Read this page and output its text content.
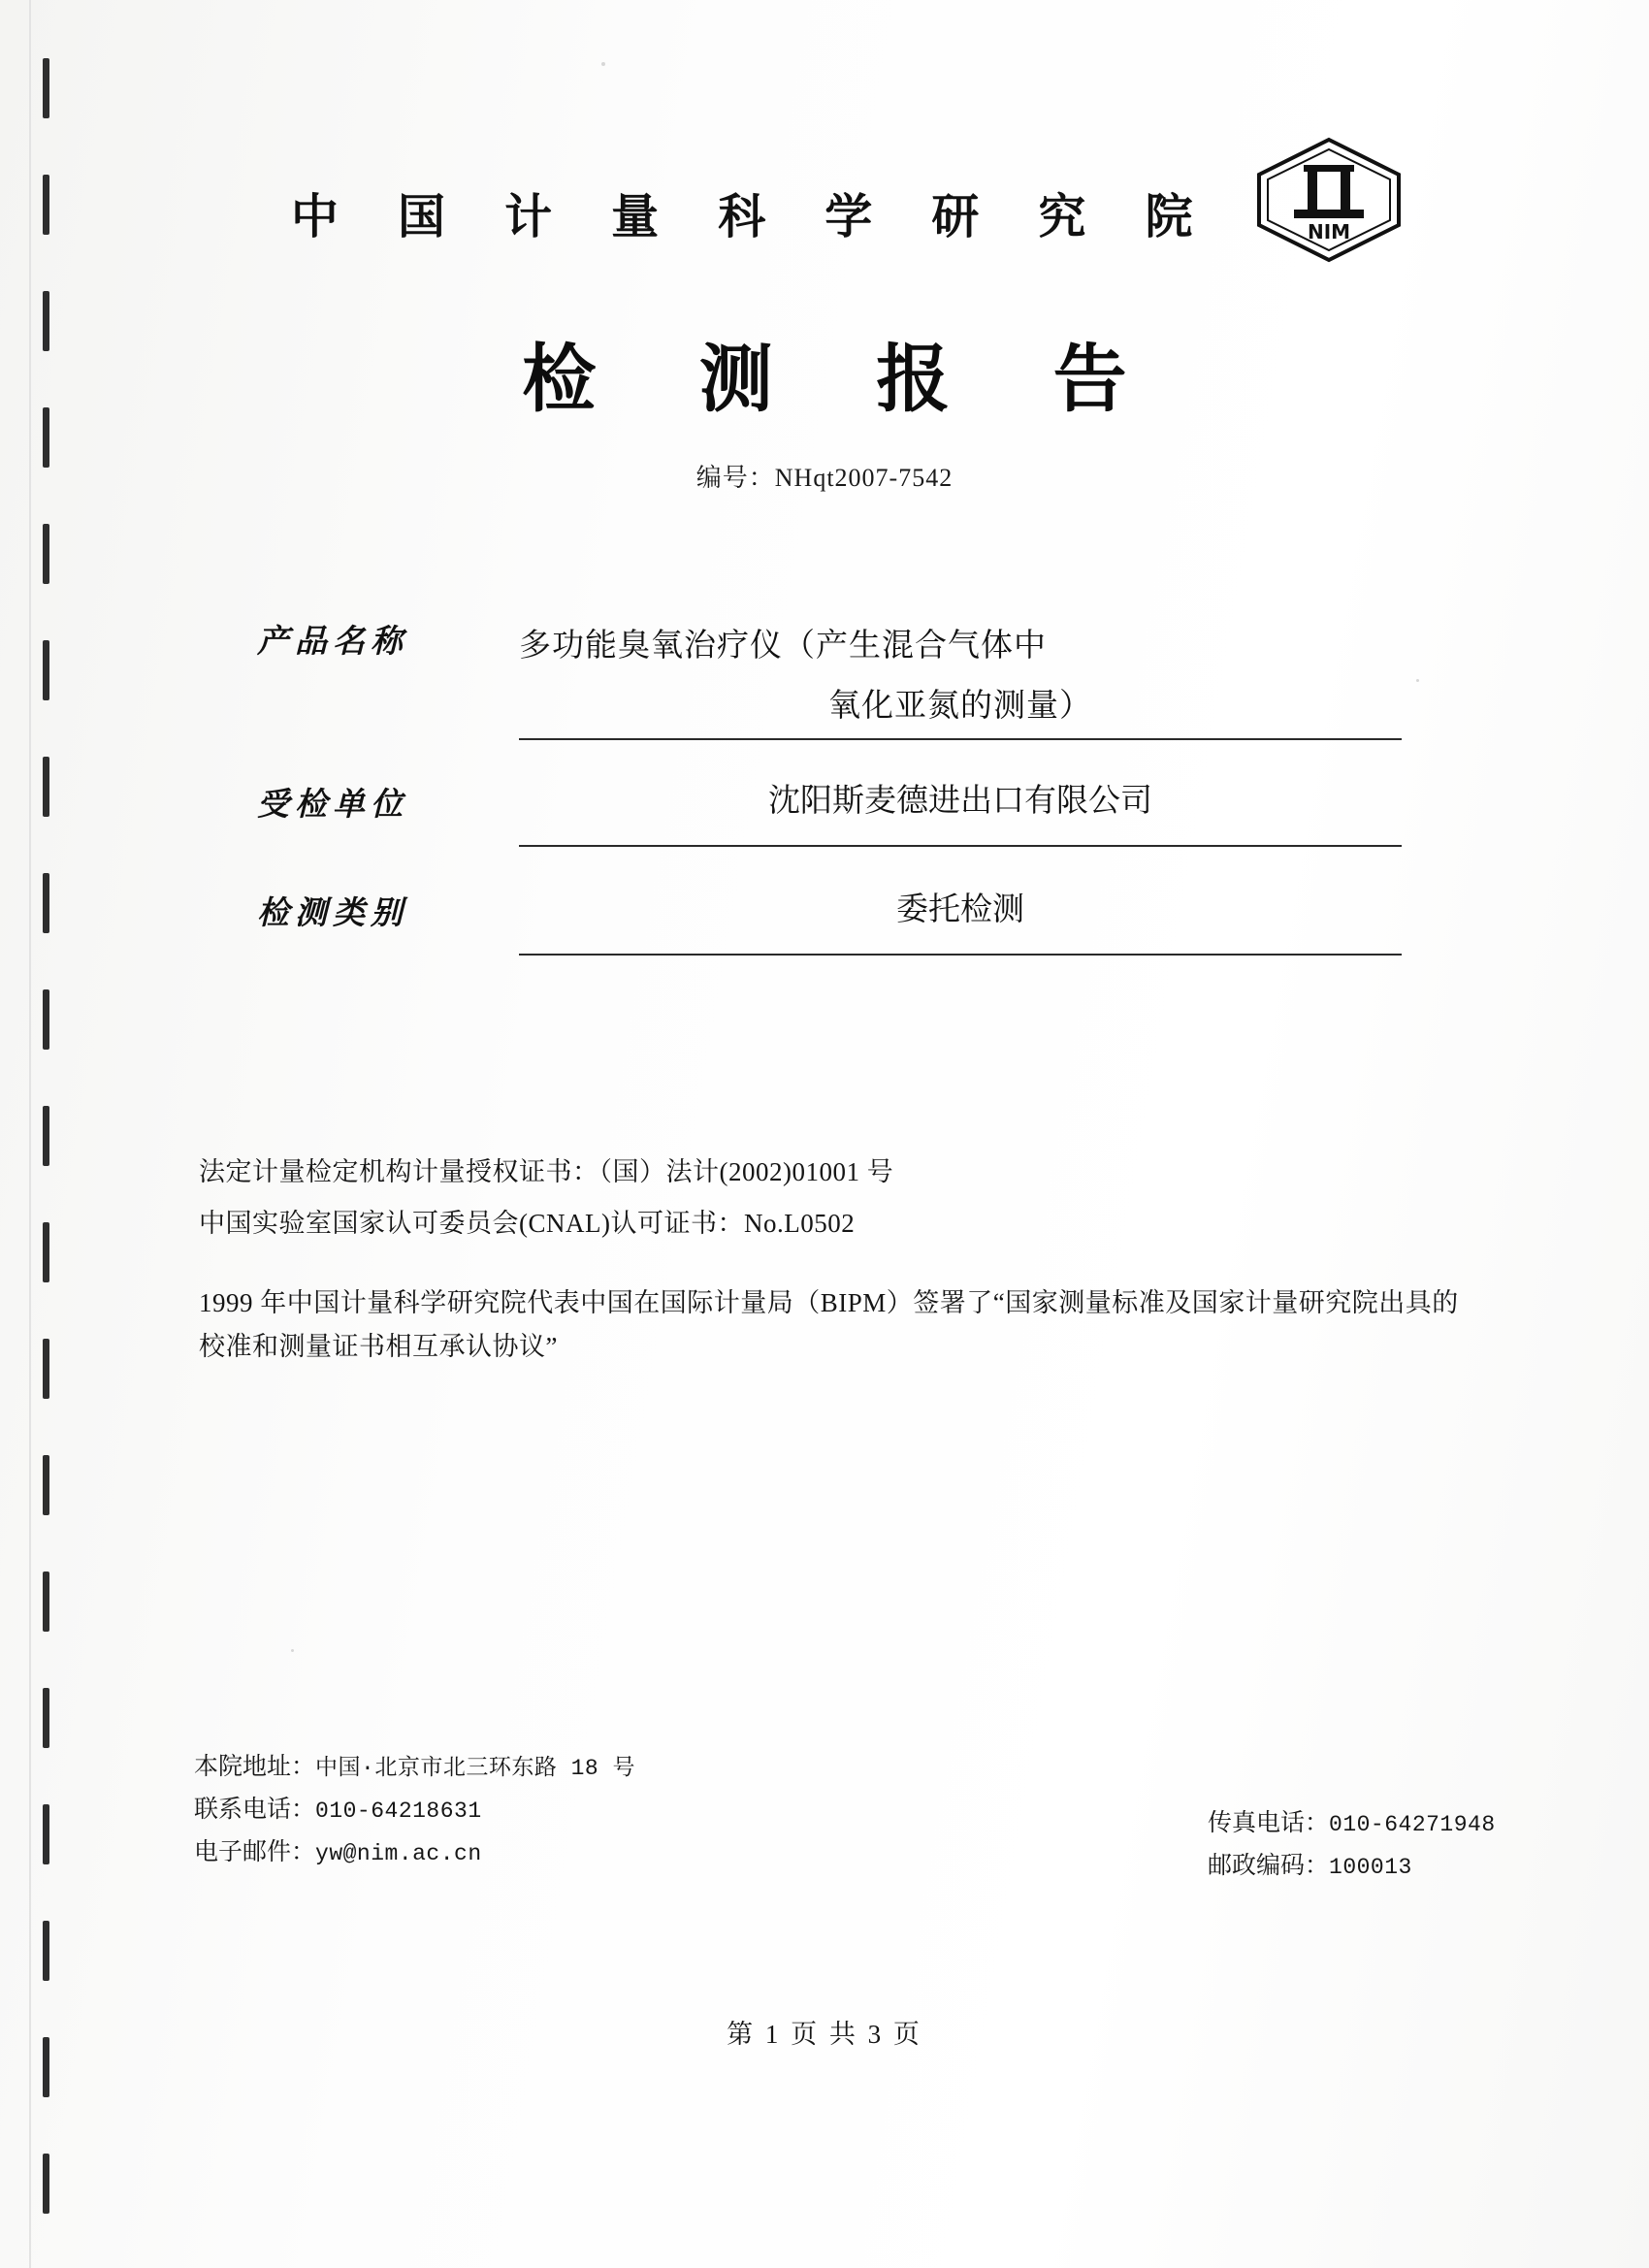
中 国 计 量 科 学 研 究 院	NIM
检 测 报 告
编号：NHqt2007-7542
产品名称	多功能臭氧治疗仪（产生混合气体中
氧化亚氮的测量）
受检单位	沈阳斯麦德进出口有限公司
检测类别	委托检测
法定计量检定机构计量授权证书：（国）法计(2002)01001 号
中国实验室国家认可委员会(CNAL)认可证书：No.L0502
1999 年中国计量科学研究院代表中国在国际计量局（BIPM）签署了“国家测量标准及国家计量研究院出具的校准和测量证书相互承认协议”
本院地址：中国·北京市北三环东路 18 号
联系电话：010-64218631
电子邮件：yw@nim.ac.cn
传真电话：010-64271948
邮政编码：100013
第 1 页 共 3 页
